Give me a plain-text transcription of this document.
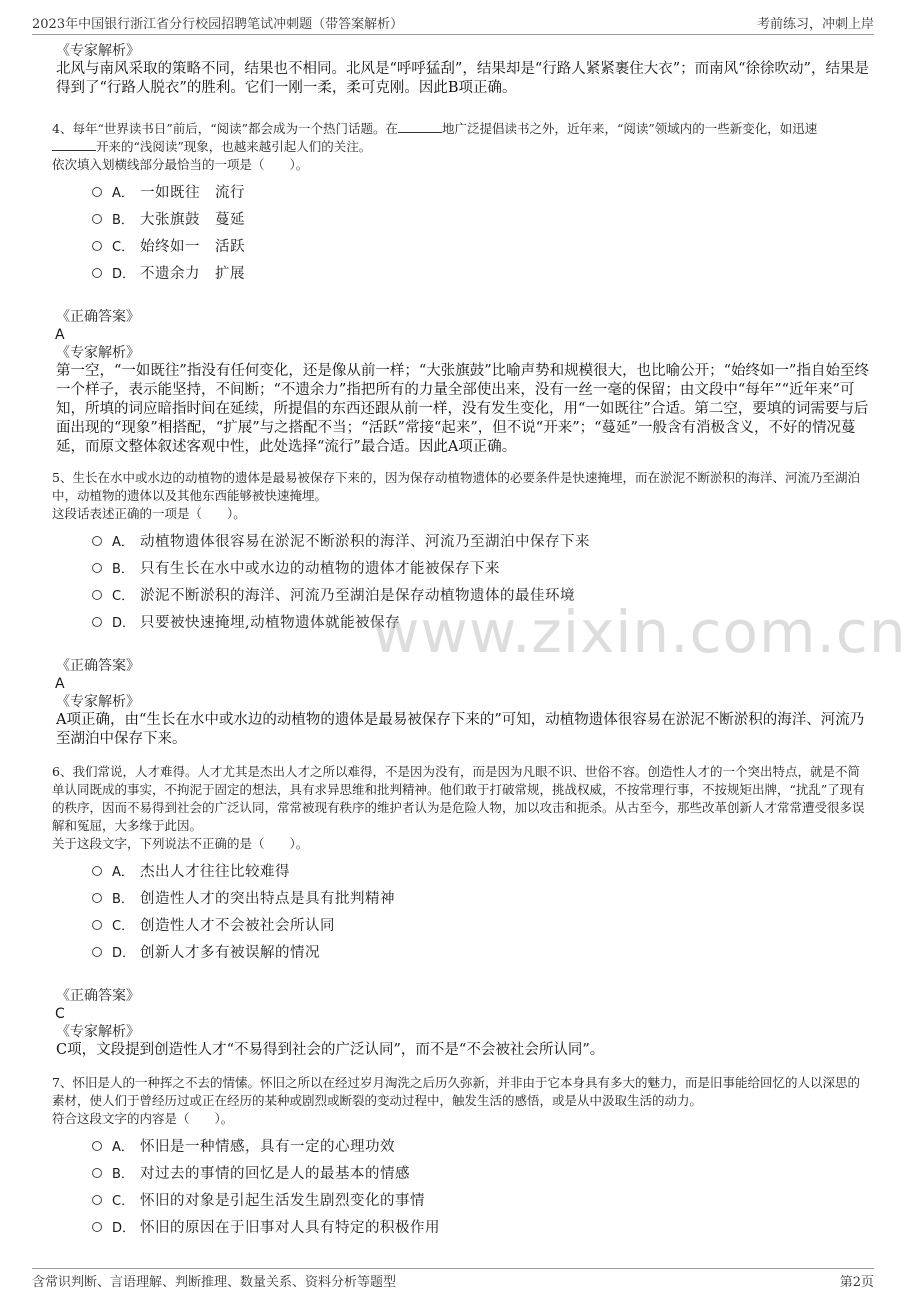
2023年中国银行浙江省分行校园招聘笔试冲刺题（带答案解析）	考前练习，冲刺上岸
《专家解析》
北风与南风采取的策略不同，结果也不相同。北风是“呼呼猛刮”，结果却是“行路人紧紧裹住大衣”；而南风“徐徐吹动”，结果是得到了“行路人脱衣”的胜利。它们一刚一柔，柔可克刚。因此B项正确。
4、每年“世界读书日”前后，“阅读”都会成为一个热门话题。在	地广泛提倡读书之外，近年来，“阅读”领域内的一些新变化，如迅速
开来的“浅阅读”现象，也越来越引起人们的关注。
依次填入划横线部分最恰当的一项是（　　）。
A． 一如既往　流行
B． 大张旗鼓　蔓延
C． 始终如一　活跃
D． 不遗余力　扩展
《正确答案》
A
《专家解析》
第一空，“一如既往”指没有任何变化，还是像从前一样；“大张旗鼓”比喻声势和规模很大，也比喻公开；“始终如一”指自始至终一个样子，表示能坚持，不间断；“不遗余力”指把所有的力量全部使出来，没有一丝一毫的保留；由文段中“每年”“近年来”可知，所填的词应暗指时间在延续，所提倡的东西还跟从前一样，没有发生变化，用“一如既往”合适。第二空，要填的词需要与后面出现的“现象”相搭配，“扩展”与之搭配不当；“活跃”常接“起来”，但不说“开来”；“蔓延”一般含有消极含义，不好的情况蔓延，而原文整体叙述客观中性，此处选择“流行”最合适。因此A项正确。
5、生长在水中或水边的动植物的遗体是最易被保存下来的，因为保存动植物遗体的必要条件是快速掩埋，而在淤泥不断淤积的海洋、河流乃至湖泊中，动植物的遗体以及其他东西能够被快速掩埋。
这段话表述正确的一项是（　　）。
A． 动植物遗体很容易在淤泥不断淤积的海洋、河流乃至湖泊中保存下来
B． 只有生长在水中或水边的动植物的遗体才能被保存下来
C． 淤泥不断淤积的海洋、河流乃至湖泊是保存动植物遗体的最佳环境
D． 只要被快速掩埋,动植物遗体就能被保存
《正确答案》
A
《专家解析》
A项正确，由“生长在水中或水边的动植物的遗体是最易被保存下来的”可知，动植物遗体很容易在淤泥不断淤积的海洋、河流乃至湖泊中保存下来。
6、我们常说，人才难得。人才尤其是杰出人才之所以难得，不是因为没有，而是因为凡眼不识、世俗不容。创造性人才的一个突出特点，就是不简单认同既成的事实，不拘泥于固定的想法，具有求异思维和批判精神。他们敢于打破常规，挑战权威，不按常理行事，不按规矩出牌，“扰乱”了现有的秩序，因而不易得到社会的广泛认同，常常被现有秩序的维护者认为是危险人物，加以攻击和扼杀。从古至今，那些改革创新人才常常遭受很多误解和冤屈，大多缘于此因。
关于这段文字，下列说法不正确的是（　　）。
A． 杰出人才往往比较难得
B． 创造性人才的突出特点是具有批判精神
C． 创造性人才不会被社会所认同
D． 创新人才多有被误解的情况
《正确答案》
C
《专家解析》
C项，文段提到创造性人才“不易得到社会的广泛认同”，而不是“不会被社会所认同”。
7、怀旧是人的一种挥之不去的情愫。怀旧之所以在经过岁月淘洗之后历久弥新，并非由于它本身具有多大的魅力，而是旧事能给回忆的人以深思的素材，使人们于曾经历过或正在经历的某种或剧烈或断裂的变动过程中，触发生活的感悟，或是从中汲取生活的动力。
符合这段文字的内容是（　　）。
A． 怀旧是一种情感，具有一定的心理功效
B． 对过去的事情的回忆是人的最基本的情感
C． 怀旧的对象是引起生活发生剧烈变化的事情
D． 怀旧的原因在于旧事对人具有特定的积极作用
www.zixin.com.cn
含常识判断、言语理解、判断推理、数量关系、资料分析等题型	第2页
